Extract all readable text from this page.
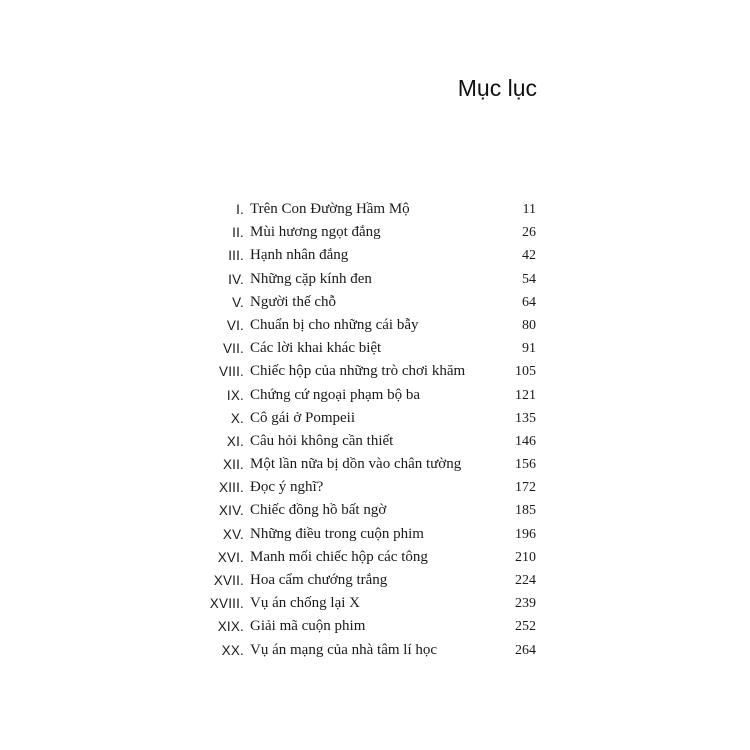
Mục lục
I. Trên Con Đường Hầm Mộ	11
II. Mùi hương ngọt đắng	26
III. Hạnh nhân đắng	42
IV. Những cặp kính đen	54
V. Người thế chỗ	64
VI. Chuẩn bị cho những cái bẫy	80
VII. Các lời khai khác biệt	91
VIII. Chiếc hộp của những trò chơi khăm	105
IX. Chứng cứ ngoại phạm bộ ba	121
X. Cô gái ở Pompeii	135
XI. Câu hỏi không cần thiết	146
XII. Một lần nữa bị dồn vào chân tường	156
XIII. Đọc ý nghĩ?	172
XIV. Chiếc đồng hồ bất ngờ	185
XV. Những điều trong cuộn phim	196
XVI. Manh mối chiếc hộp các tông	210
XVII. Hoa cẩm chướng trắng	224
XVIII. Vụ án chống lại X	239
XIX. Giải mã cuộn phim	252
XX. Vụ án mạng của nhà tâm lí học	264
